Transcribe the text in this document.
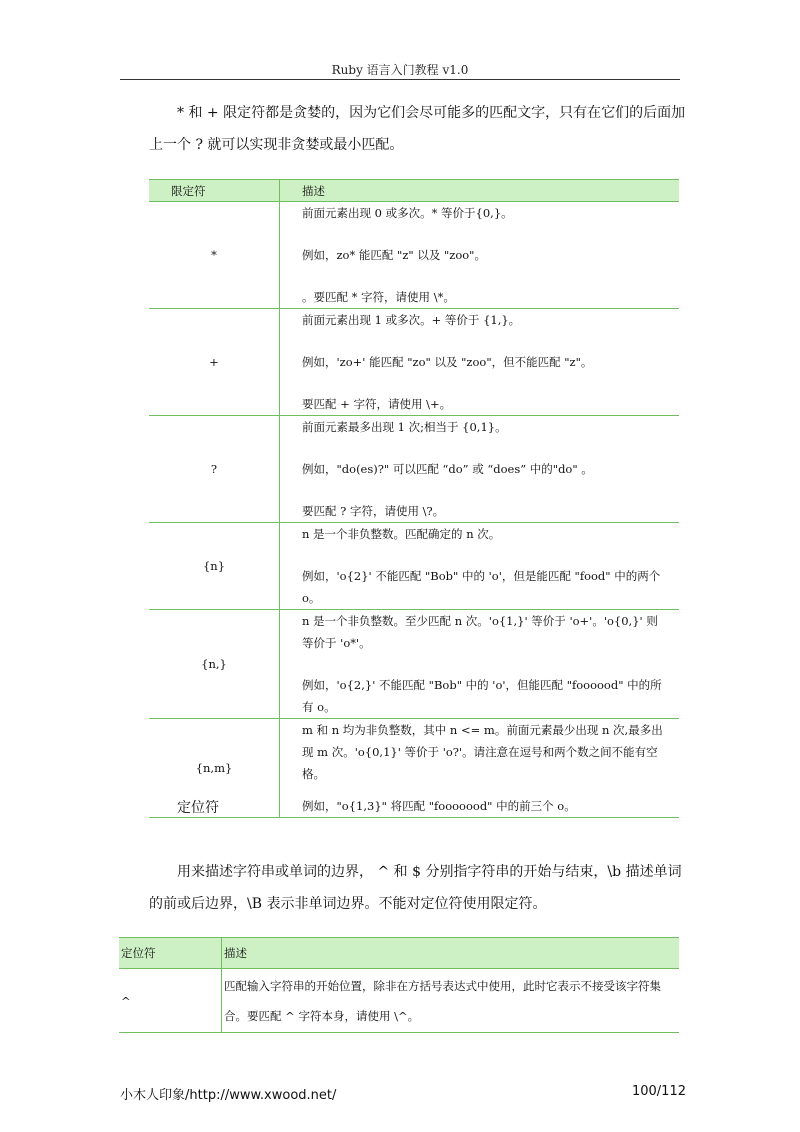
Ruby 语言入门教程 v1.0

* 和 + 限定符都是贪婪的，因为它们会尽可能多的匹配文字，只有在它们的后面加上一个 ? 就可以实现非贪婪或最小匹配。

限定符	描述
*	前面元素出现 0 或多次。* 等价于{0,}。
例如，zo* 能匹配 "z" 以及 "zoo"。
。要匹配 * 字符，请使用 \*。

+	前面元素出现 1 或多次。+ 等价于 {1,}。
例如，'zo+' 能匹配 "zo" 以及 "zoo"，但不能匹配 "z"。
要匹配 + 字符，请使用 \+。

?	前面元素最多出现 1 次;相当于 {0,1}。
例如，"do(es)?" 可以匹配 “do” 或 “does” 中的"do" 。
要匹配 ? 字符，请使用 \?。

{n}	n 是一个非负整数。匹配确定的 n 次。
例如，'o{2}' 不能匹配 "Bob" 中的 'o'，但是能匹配 "food" 中的两个 o。

{n,}	n 是一个非负整数。至少匹配 n 次。'o{1,}' 等价于 'o+'。'o{0,}' 则等价于 'o*'。
例如，'o{2,}' 不能匹配 "Bob" 中的 'o'，但能匹配 "foooood" 中的所有 o。

{n,m}	m 和 n 均为非负整数，其中 n <= m。前面元素最少出现 n 次,最多出现 m 次。'o{0,1}' 等价于 'o?'。请注意在逗号和两个数之间不能有空格。
例如，"o{1,3}" 将匹配 "fooooood" 中的前三个 o。
定位符

用来描述字符串或单词的边界， ^ 和 $ 分别指字符串的开始与结束，\b 描述单词的前或后边界，\B 表示非单词边界。不能对定位符使用限定符。

定位符	描述
^	匹配输入字符串的开始位置，除非在方括号表达式中使用，此时它表示不接受该字符集合。要匹配 ^ 字符本身，请使用 \^。
小木人印象/http://www.xwood.net/	100/112
